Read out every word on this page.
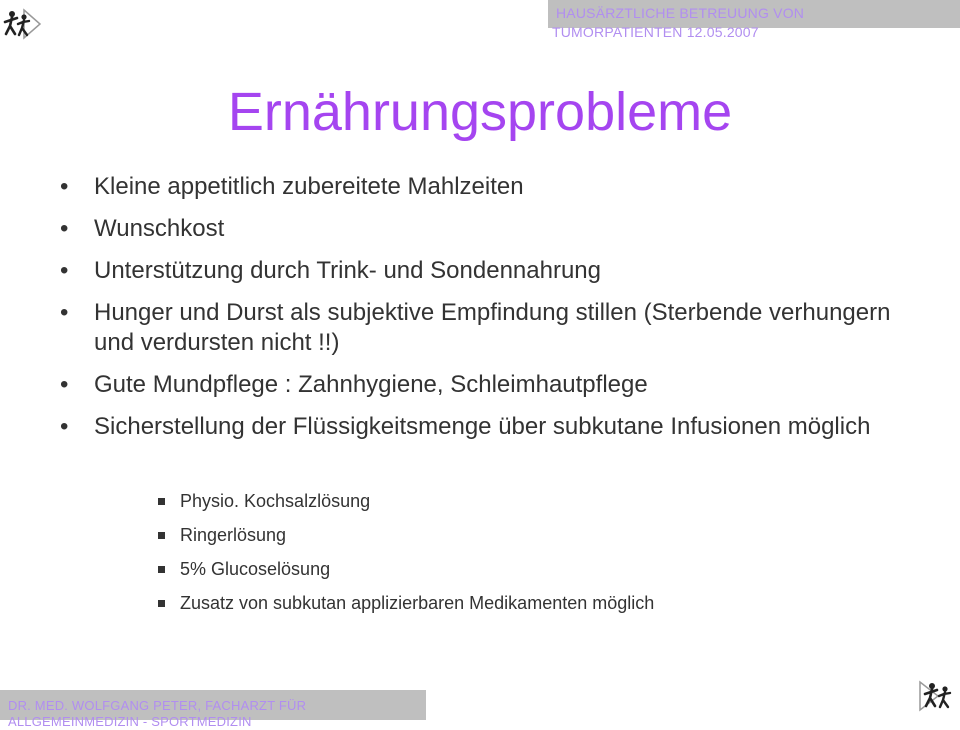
HAUSÄRZTLICHE BETREUUNG VON
TUMORPATIENTEN 12.05.2007
Ernährungsprobleme
• Kleine appetitlich zubereitete Mahlzeiten
• Wunschkost
• Unterstützung durch Trink- und Sondennahrung
• Hunger und Durst als subjektive Empfindung stillen (Sterbende verhungern und verdursten nicht !!)
• Gute Mundpflege : Zahnhygiene, Schleimhautpflege
• Sicherstellung der Flüssigkeitsmenge über subkutane Infusionen möglich
Physio. Kochsalzlösung
Ringerlösung
5% Glucoselösung
Zusatz von subkutan applizierbaren Medikamenten möglich
DR. MED. WOLFGANG PETER, FACHARZT FÜR
ALLGEMEINMEDIZIN - SPORTMEDIZIN
